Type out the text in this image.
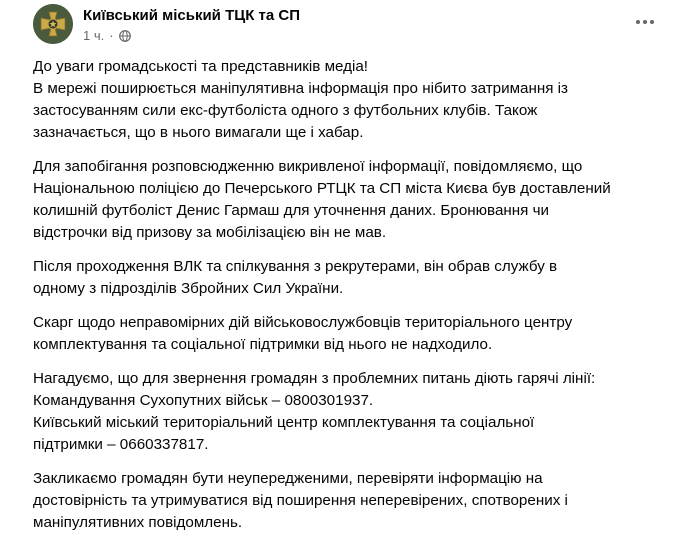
Київський міський ТЦК та СП
1 ч. ·

До уваги громадськості та представників медіа!
В мережі поширюється маніпулятивна інформація про нібито затримання із
застосуванням сили екс-футболіста одного з футбольних клубів. Також
зазначається, що в нього вимагали ще і хабар.

Для запобігання розповсюдженню викривленої інформації, повідомляємо, що
Національною поліцією до Печерського РТЦК та СП міста Києва був доставлений
колишній футболіст Денис Гармаш для уточнення даних. Бронювання чи
відстрочки від призову за мобілізацією він не мав.

Після проходження ВЛК та спілкування з рекрутерами, він обрав службу в
одному з підрозділів Збройних Сил України.

Скарг щодо неправомірних дій військовослужбовців територіального центру
комплектування та соціальної підтримки від нього не надходило.

Нагадуємо, що для звернення громадян з проблемних питань діють гарячі лінії:
Командування Сухопутних військ – 0800301937.
Київський міський територіальний центр комплектування та соціальної
підтримки – 0660337817.

Закликаємо громадян бути неупередженими, перевіряти інформацію на
достовірність та утримуватися від поширення неперевірених, спотворених і
маніпулятивних повідомлень.
